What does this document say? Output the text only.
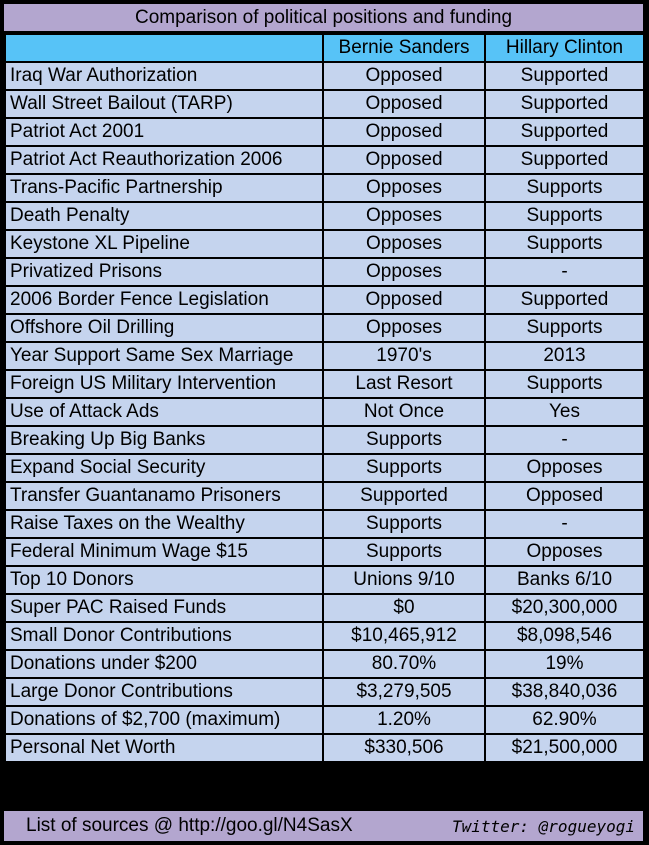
Comparison of political positions and funding
	Bernie Sanders	Hillary Clinton
Iraq War Authorization	Opposed	Supported
Wall Street Bailout (TARP)	Opposed	Supported
Patriot Act 2001	Opposed	Supported
Patriot Act Reauthorization 2006	Opposed	Supported
Trans-Pacific Partnership	Opposes	Supports
Death Penalty	Opposes	Supports
Keystone XL Pipeline	Opposes	Supports
Privatized Prisons	Opposes	-
2006 Border Fence Legislation	Opposed	Supported
Offshore Oil Drilling	Opposes	Supports
Year Support Same Sex Marriage	1970's	2013
Foreign US Military Intervention	Last Resort	Supports
Use of Attack Ads	Not Once	Yes
Breaking Up Big Banks	Supports	-
Expand Social Security	Supports	Opposes
Transfer Guantanamo Prisoners	Supported	Opposed
Raise Taxes on the Wealthy	Supports	-
Federal Minimum Wage $15	Supports	Opposes
Top 10 Donors	Unions 9/10	Banks 6/10
Super PAC Raised Funds	$0	$20,300,000
Small Donor Contributions	$10,465,912	$8,098,546
Donations under $200	80.70%	19%
Large Donor Contributions	$3,279,505	$38,840,036
Donations of $2,700 (maximum)	1.20%	62.90%
Personal Net Worth	$330,506	$21,500,000
List of sources @ http://goo.gl/N4SasX	Twitter: @rogueyogi
